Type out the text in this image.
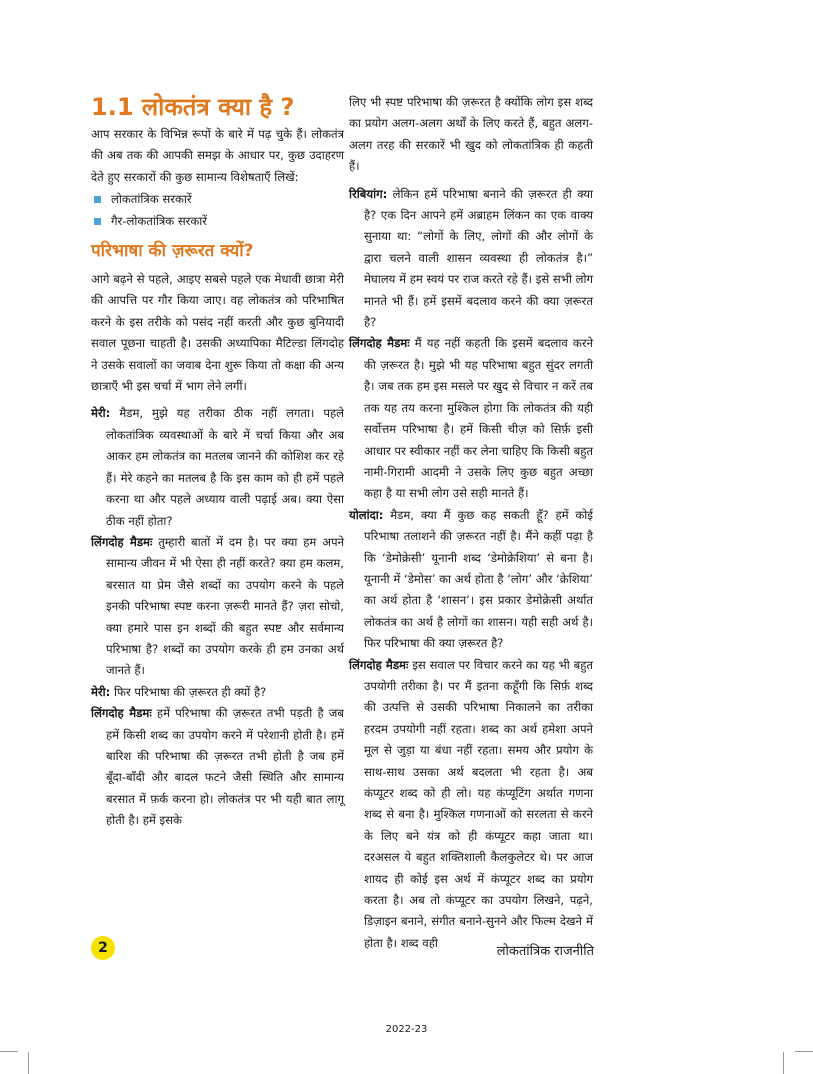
1.1 लोकतंत्र क्या है ?

आप सरकार के विभिन्न रूपों के बारे में पढ़ चुके हैं। लोकतंत्र की अब तक की आपकी समझ के आधार पर, कुछ उदाहरण देते हुए सरकारों की कुछ सामान्य विशेषताएँ लिखें:

लोकतांत्रिक सरकारें
गैर-लोकतांत्रिक सरकारें
परिभाषा की ज़रूरत क्यों?

आगे बढ़ने से पहले, आइए सबसे पहले एक मेधावी छात्रा मेरी की आपत्ति पर गौर किया जाए। वह लोकतंत्र को परिभाषित करने के इस तरीके को पसंद नहीं करती और कुछ बुनियादी सवाल पूछना चाहती है। उसकी अध्यापिका मैटिल्डा लिंगदोह ने उसके सवालों का जवाब देना शुरू किया तो कक्षा की अन्य छात्राएँ भी इस चर्चा में भाग लेने लगीं।

मेरी: मैडम, मुझे यह तरीका ठीक नहीं लगता। पहले लोकतांत्रिक व्यवस्थाओं के बारे में चर्चा किया और अब आकर हम लोकतंत्र का मतलब जानने की कोशिश कर रहे हैं। मेरे कहने का मतलब है कि इस काम को ही हमें पहले करना था और पहले अध्याय वाली पढ़ाई अब। क्या ऐसा ठीक नहीं होता?

लिंगदोह मैडमः तुम्हारी बातों में दम है। पर क्या हम अपने सामान्य जीवन में भी ऐसा ही नहीं करते? क्या हम कलम, बरसात या प्रेम जैसे शब्दों का उपयोग करने के पहले इनकी परिभाषा स्पष्ट करना ज़रूरी मानते हैं? ज़रा सोचो, क्या हमारे पास इन शब्दों की बहुत स्पष्ट और सर्वमान्य परिभाषा है? शब्दों का उपयोग करके ही हम उनका अर्थ जानते हैं।

मेरी: फिर परिभाषा की ज़रूरत ही क्यों है?

लिंगदोह मैडमः हमें परिभाषा की ज़रूरत तभी पड़ती है जब हमें किसी शब्द का उपयोग करने में परेशानी होती है। हमें बारिश की परिभाषा की ज़रूरत तभी होती है जब हमें बूँदा-बाँदी और बादल फटने जैसी स्थिति और सामान्य बरसात में फ़र्क करना हो। लोकतंत्र पर भी यही बात लागू होती है। हमें इसके

लिए भी स्पष्ट परिभाषा की ज़रूरत है क्योंकि लोग इस शब्द का प्रयोग अलग-अलग अर्थों के लिए करते हैं, बहुत अलग-अलग तरह की सरकारें भी खुद को लोकतांत्रिक ही कहती हैं।

रिबियांग: लेकिन हमें परिभाषा बनाने की ज़रूरत ही क्या है? एक दिन आपने हमें अब्राहम लिंकन का एक वाक्य सुनाया था: “लोगों के लिए, लोगों की और लोगों के द्वारा चलने वाली शासन व्यवस्था ही लोकतंत्र है।” मेघालय में हम स्वयं पर राज करते रहे हैं। इसे सभी लोग मानते भी हैं। हमें इसमें बदलाव करने की क्या ज़रूरत है?

लिंगदोह मैडमः मैं यह नहीं कहती कि इसमें बदलाव करने की ज़रूरत है। मुझे भी यह परिभाषा बहुत सुंदर लगती है। जब तक हम इस मसले पर खुद से विचार न करें तब तक यह तय करना मुश्किल होगा कि लोकतंत्र की यही सर्वोत्तम परिभाषा है। हमें किसी चीज़ को सिर्फ़ इसी आधार पर स्वीकार नहीं कर लेना चाहिए कि किसी बहुत नामी-गिरामी आदमी ने उसके लिए कुछ बहुत अच्छा कहा है या सभी लोग उसे सही मानते हैं।

योलांदा: मैडम, क्या मैं कुछ कह सकती हूँ? हमें कोई परिभाषा तलाशने की ज़रूरत नहीं है। मैंने कहीं पढ़ा है कि ‘डेमोक्रेसी’ यूनानी शब्द ‘डेमोक्रेशिया’ से बना है। यूनानी में ‘डेमोस’ का अर्थ होता है ‘लोग’ और ‘क्रेशिया’ का अर्थ होता है ‘शासन’। इस प्रकार डेमोक्रेसी अर्थात लोकतंत्र का अर्थ है लोगों का शासन। यही सही अर्थ है। फिर परिभाषा की क्या ज़रूरत है?

लिंगदोह मैडमः इस सवाल पर विचार करने का यह भी बहुत उपयोगी तरीका है। पर मैं इतना कहूँगी कि सिर्फ़ शब्द की उत्पत्ति से उसकी परिभाषा निकालने का तरीका हरदम उपयोगी नहीं रहता। शब्द का अर्थ हमेशा अपने मूल से जुड़ा या बंधा नहीं रहता। समय और प्रयोग के साथ-साथ उसका अर्थ बदलता भी रहता है। अब कंप्यूटर शब्द को ही लो। यह कंप्यूटिंग अर्थात गणना शब्द से बना है। मुश्किल गणनाओं को सरलता से करने के लिए बने यंत्र को ही कंप्यूटर कहा जाता था। दरअसल ये बहुत शक्तिशाली कैलकुलेटर थे। पर आज शायद ही कोई इस अर्थ में कंप्यूटर शब्द का प्रयोग करता है। अब तो कंप्यूटर का उपयोग लिखने, पढ़ने, डिज़ाइन बनाने, संगीत बनाने-सुनने और फिल्म देखने में होता है। शब्द वही

2	लोकतांत्रिक राजनीति
2022-23
